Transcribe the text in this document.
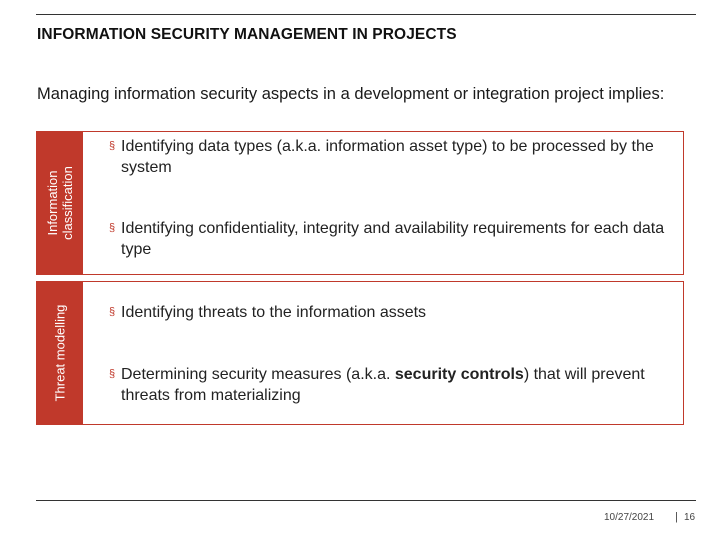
INFORMATION SECURITY MANAGEMENT IN PROJECTS
Managing information security aspects in a development or integration project implies:
Information classification
§ Identifying data types (a.k.a. information asset type) to be processed by the system
§ Identifying confidentiality, integrity and availability requirements for each data type
Threat modelling	§ Identifying threats to the information assets
§ Determining security measures (a.k.a. security controls) that will prevent threats from materializing
10/27/2021 | 16
